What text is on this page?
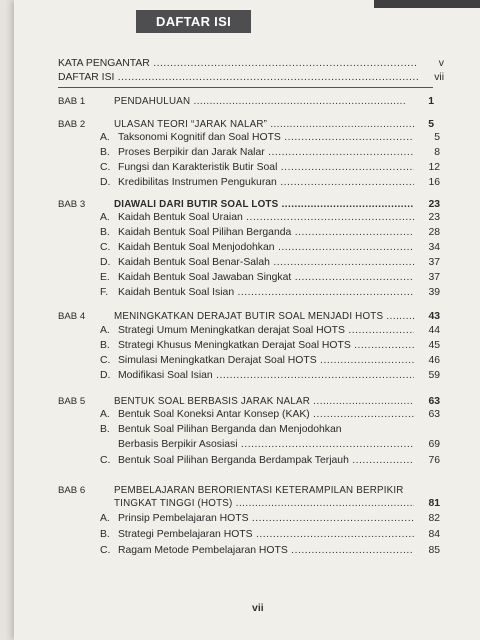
DAFTAR ISI
KATA PENGANTAR .....	v
DAFTAR ISI .....	vii
BAB 1	PENDAHULUAN .....	1
BAB 2	ULASAN TEORI “JARAK NALAR” .....	5
A. Taksonomi Kognitif dan Soal HOTS .....	5
B. Proses Berpikir dan Jarak Nalar .....	8
C. Fungsi dan Karakteristik Butir Soal .....	12
D. Kredibilitas Instrumen Pengukuran .....	16
BAB 3	DIAWALI DARI BUTIR SOAL LOTS .....	23
A. Kaidah Bentuk Soal Uraian .....	23
B. Kaidah Bentuk Soal Pilihan Berganda .....	28
C. Kaidah Bentuk Soal Menjodohkan .....	34
D. Kaidah Bentuk Soal Benar-Salah .....	37
E. Kaidah Bentuk Soal Jawaban Singkat .....	37
F. Kaidah Bentuk Soal Isian .....	39
BAB 4	MENINGKATKAN DERAJAT BUTIR SOAL MENJADI HOTS .....	43
A. Strategi Umum Meningkatkan derajat Soal HOTS .....	44
B. Strategi Khusus Meningkatkan Derajat Soal HOTS .....	45
C. Simulasi Meningkatkan Derajat Soal HOTS .....	46
D. Modifikasi Soal Isian .....	59
BAB 5	BENTUK SOAL BERBASIS JARAK NALAR .....	63
A. Bentuk Soal Koneksi Antar Konsep (KAK) .....	63
B. Bentuk Soal Pilihan Berganda dan Menjodohkan
Berbasis Berpikir Asosiasi .....	69
C. Bentuk Soal Pilihan Berganda Berdampak Terjauh .....	76
BAB 6	PEMBELAJARAN BERORIENTASI KETERAMPILAN BERPIKIR
TINGKAT TINGGI (HOTS) .....	81
A. Prinsip Pembelajaran HOTS .....	82
B. Strategi Pembelajaran HOTS .....	84
C. Ragam Metode Pembelajaran HOTS .....	85
vii
